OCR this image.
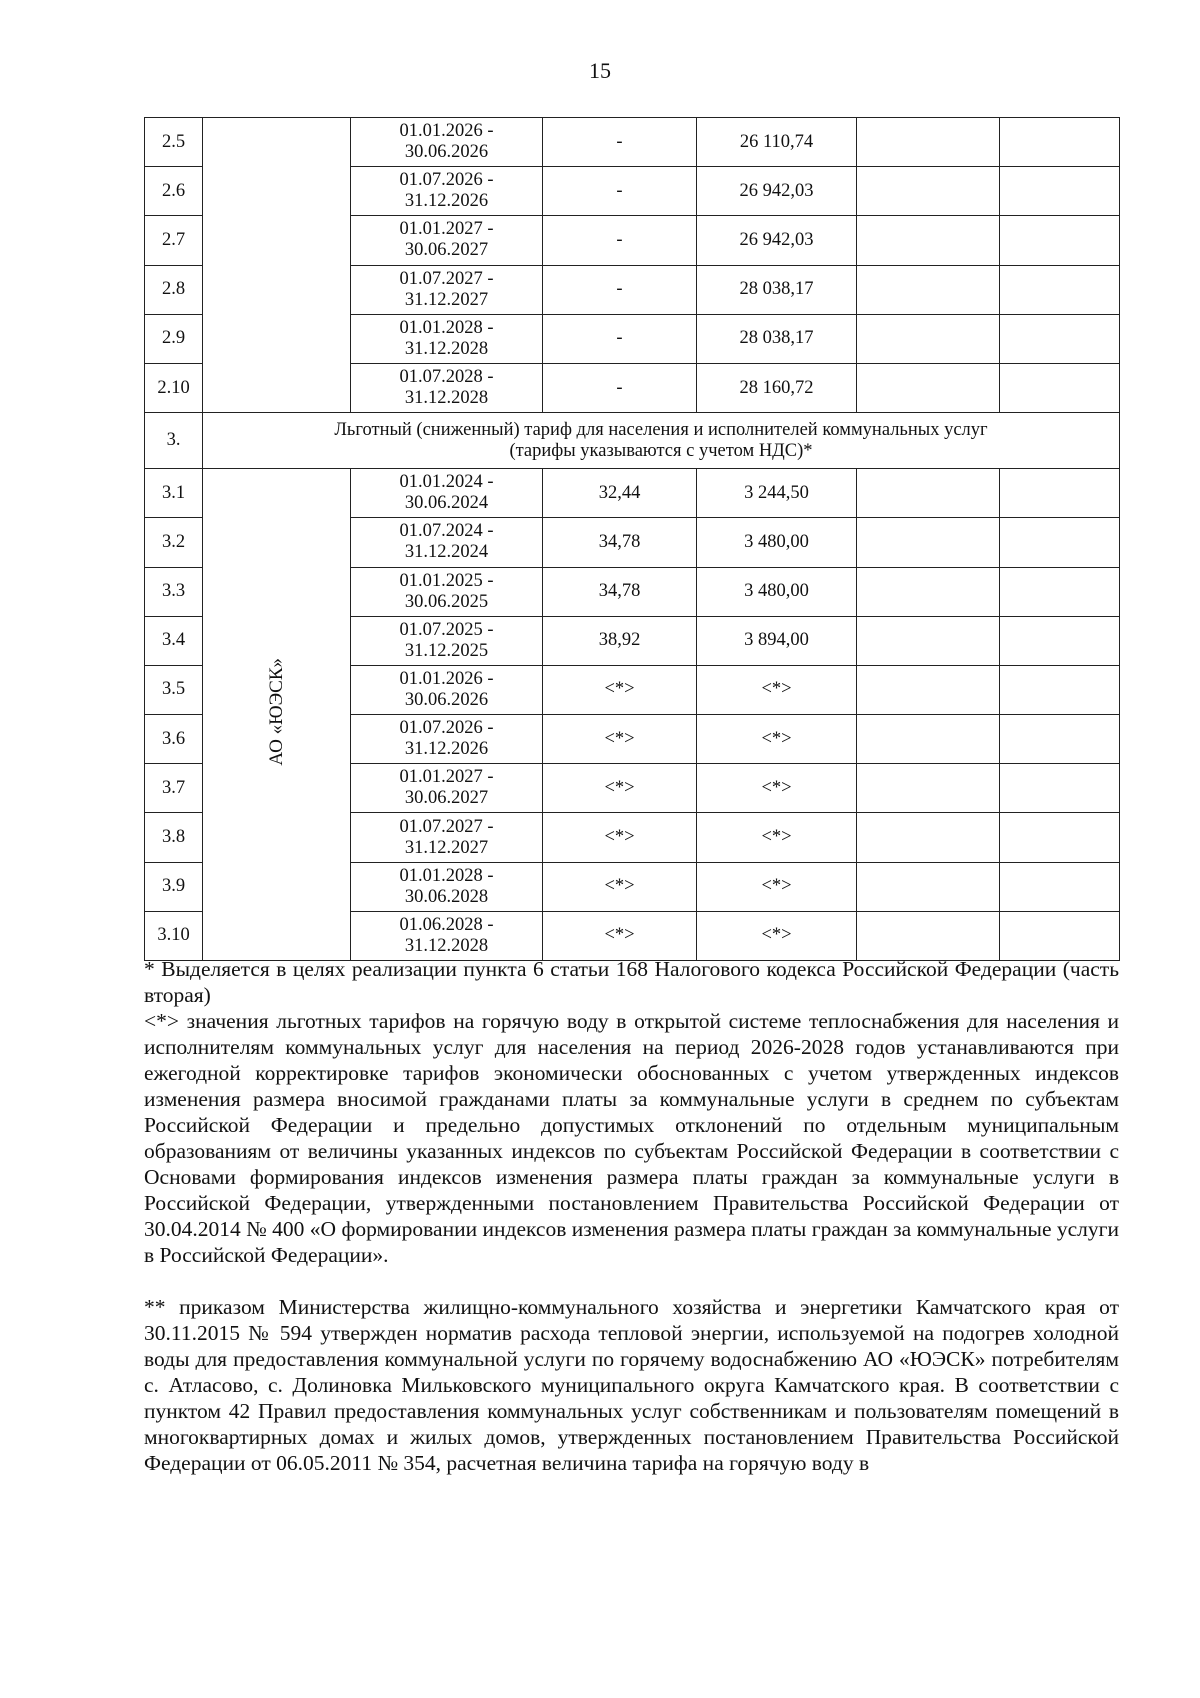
15
2.5		01.01.2026 -
30.06.2026	-	26 110,74		
2.6		01.07.2026 -
31.12.2026	-	26 942,03		
2.7		01.01.2027 -
30.06.2027	-	26 942,03		
2.8		01.07.2027 -
31.12.2027	-	28 038,17		
2.9		01.01.2028 -
31.12.2028	-	28 038,17		
2.10		01.07.2028 -
31.12.2028	-	28 160,72		
3.	Льготный (сниженный) тариф для населения и исполнителей коммунальных услуг
(тарифы указываются с учетом НДС)*					

3.1	АО «ЮЭСК»	01.01.2024 -
30.06.2024	32,44	3 244,50		
3.2		01.07.2024 -
31.12.2024	34,78	3 480,00		
3.3		01.01.2025 -
30.06.2025	34,78	3 480,00		
3.4		01.07.2025 -
31.12.2025	38,92	3 894,00		
3.5		01.01.2026 -
30.06.2026	<*>	<*>		
3.6		01.07.2026 -
31.12.2026	<*>	<*>		
3.7		01.01.2027 -
30.06.2027	<*>	<*>		
3.8		01.07.2027 -
31.12.2027	<*>	<*>		
3.9		01.01.2028 -
30.06.2028	<*>	<*>		
3.10		01.06.2028 -
31.12.2028	<*>	<*>		

* Выделяется в целях реализации пункта 6 статьи 168 Налогового кодекса Российской Федерации (часть вторая)

<*> значения льготных тарифов на горячую воду в открытой системе теплоснабжения для населения и исполнителям коммунальных услуг для населения на период 2026-2028 годов устанавливаются при ежегодной корректировке тарифов экономически обоснованных с учетом утвержденных индексов изменения размера вносимой гражданами платы за коммунальные услуги в среднем по субъектам Российской Федерации и предельно допустимых отклонений по отдельным муниципальным образованиям от величины указанных индексов по субъектам Российской Федерации в соответствии с Основами формирования индексов изменения размера платы граждан за коммунальные услуги в Российской Федерации, утвержденными постановлением Правительства Российской Федерации от 30.04.2014 № 400 «О формировании индексов изменения размера платы граждан за коммунальные услуги в Российской Федерации».

** приказом Министерства жилищно-коммунального хозяйства и энергетики Камчатского края от 30.11.2015 № 594 утвержден норматив расхода тепловой энергии, используемой на подогрев холодной воды для предоставления коммунальной услуги по горячему водоснабжению АО «ЮЭСК» потребителям с. Атласово, с. Долиновка Мильковского муниципального округа Камчатского края. В соответствии с пунктом 42 Правил предоставления коммунальных услуг собственникам и пользователям помещений в многоквартирных домах и жилых домов, утвержденных постановлением Правительства Российской Федерации от 06.05.2011 № 354, расчетная величина тарифа на горячую воду в
